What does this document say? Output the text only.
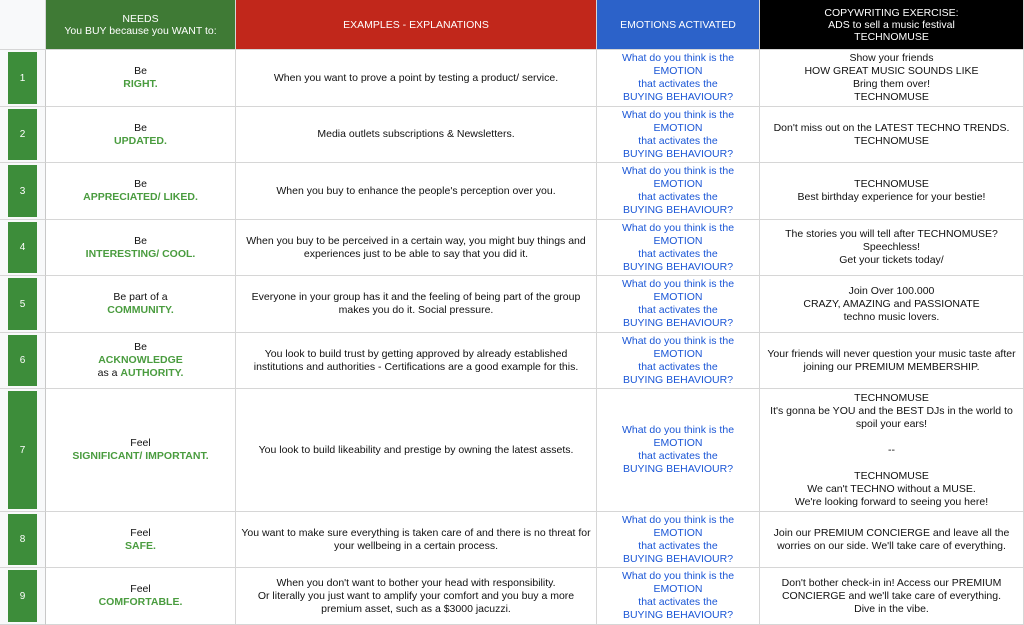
NEEDS
You BUY because you WANT to:	EXAMPLES - EXPLANATIONS	EMOTIONS ACTIVATED
COPYWRITING EXERCISE:
ADS to sell a music festival
TECHNOMUSE
1
Be
RIGHT.
When you want to prove a point by testing a product/ service.
What do you think is the
EMOTION
that activates the
BUYING BEHAVIOUR?
Show your friends
HOW GREAT MUSIC SOUNDS LIKE
Bring them over!
TECHNOMUSE
2
Be
UPDATED.
Media outlets subscriptions & Newsletters.
What do you think is the
EMOTION
that activates the
BUYING BEHAVIOUR?
Don't miss out on the LATEST TECHNO TRENDS.
TECHNOMUSE
3
Be
APPRECIATED/ LIKED.
When you buy to enhance the people's perception over you.
What do you think is the
EMOTION
that activates the
BUYING BEHAVIOUR?
TECHNOMUSE
Best birthday experience for your bestie!
4
Be
INTERESTING/ COOL.
When you buy to be perceived in a certain way, you might buy things and
experiences just to be able to say that you did it.
What do you think is the
EMOTION
that activates the
BUYING BEHAVIOUR?
The stories you will tell after TECHNOMUSE?
Speechless!
Get your tickets today/
5
Be part of a
COMMUNITY.
Everyone in your group has it and the feeling of being part of the group
makes you do it. Social pressure.
What do you think is the
EMOTION
that activates the
BUYING BEHAVIOUR?
Join Over 100.000
CRAZY, AMAZING and PASSIONATE
techno music lovers.
6
Be
ACKNOWLEDGE
as a AUTHORITY.
You look to build trust by getting approved by already established
institutions and authorities - Certifications are a good example for this.
What do you think is the
EMOTION
that activates the
BUYING BEHAVIOUR?
Your friends will never question your music taste after
joining our PREMIUM MEMBERSHIP.
7
Feel
SIGNIFICANT/ IMPORTANT.
You look to build likeability and prestige by owning the latest assets.
What do you think is the
EMOTION
that activates the
BUYING BEHAVIOUR?
TECHNOMUSE
It's gonna be YOU and the BEST DJs in the world to
spoil your ears!
--
TECHNOMUSE
We can't TECHNO without a MUSE.
We're looking forward to seeing you here!
8
Feel
SAFE.
You want to make sure everything is taken care of and there is no threat for
your wellbeing in a certain process.
What do you think is the
EMOTION
that activates the
BUYING BEHAVIOUR?
Join our PREMIUM CONCIERGE and leave all the
worries on our side. We'll take care of everything.
9
Feel
COMFORTABLE.
When you don't want to bother your head with responsibility.
Or literally you just want to amplify your comfort and you buy a more
premium asset, such as a $3000 jacuzzi.
What do you think is the
EMOTION
that activates the
BUYING BEHAVIOUR?
Don't bother check-in in! Access our PREMIUM
CONCIERGE and we'll take care of everything.
Dive in the vibe.
